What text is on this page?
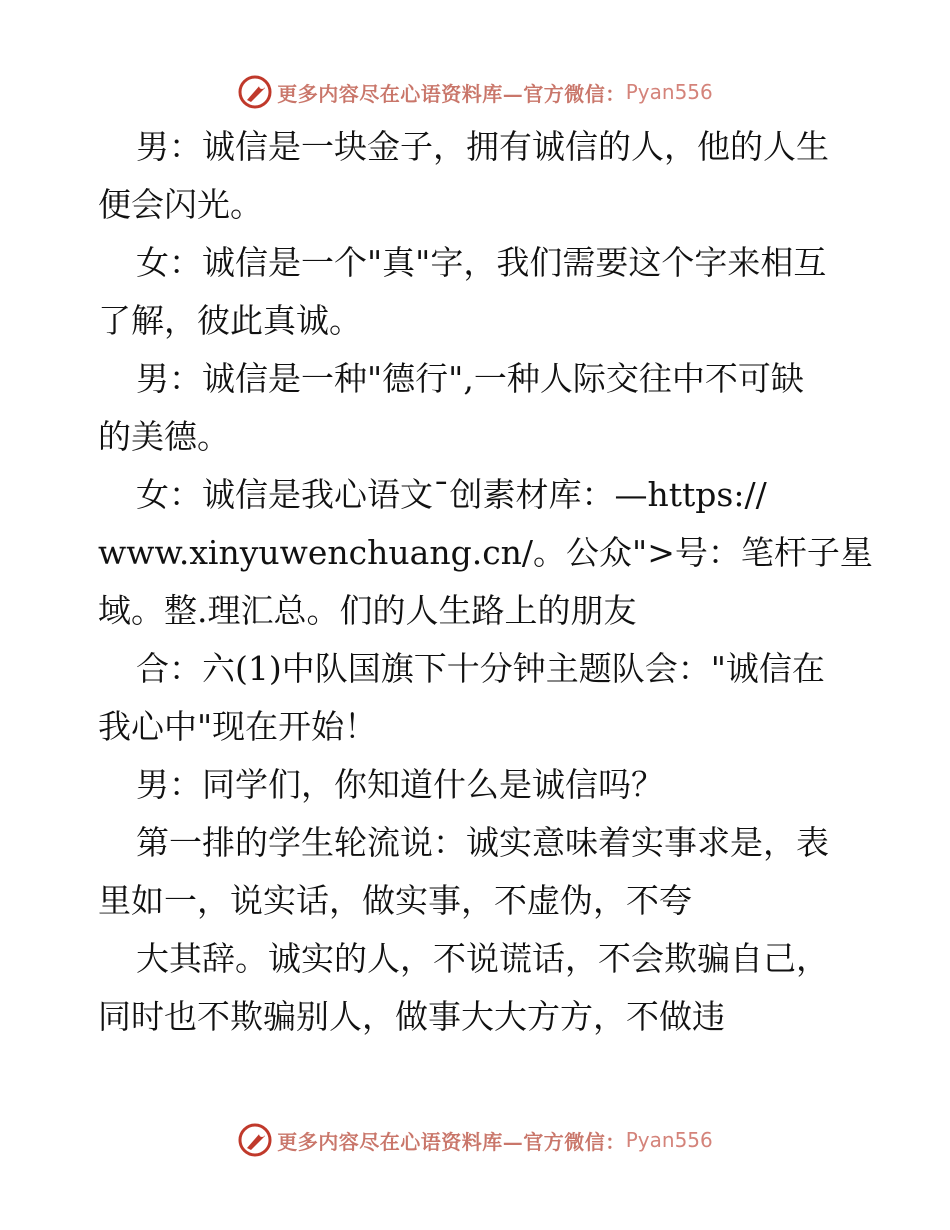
更多内容尽在心语资料库—官方微信： Pyan556

男：诚信是一块金子，拥有诚信的人，他的人生
便会闪光。

女：诚信是一个"真"字，我们需要这个字来相互
了解，彼此真诚。

男：诚信是一种"德行",一种人际交往中不可缺
的美德。

女：诚信是我心语文¯创素材库：—https://
www.xinyuwenchuang.cn/。公众">号：笔杆子星
域。整.理汇总。们的人生路上的朋友

合：六(1)中队国旗下十分钟主题队会："诚信在
我心中"现在开始！

男：同学们，你知道什么是诚信吗？

第一排的学生轮流说：诚实意味着实事求是，表
里如一，说实话，做实事，不虚伪，不夸

大其辞。诚实的人，不说谎话，不会欺骗自己，
同时也不欺骗别人，做事大大方方，不做违

更多内容尽在心语资料库—官方微信： Pyan556
